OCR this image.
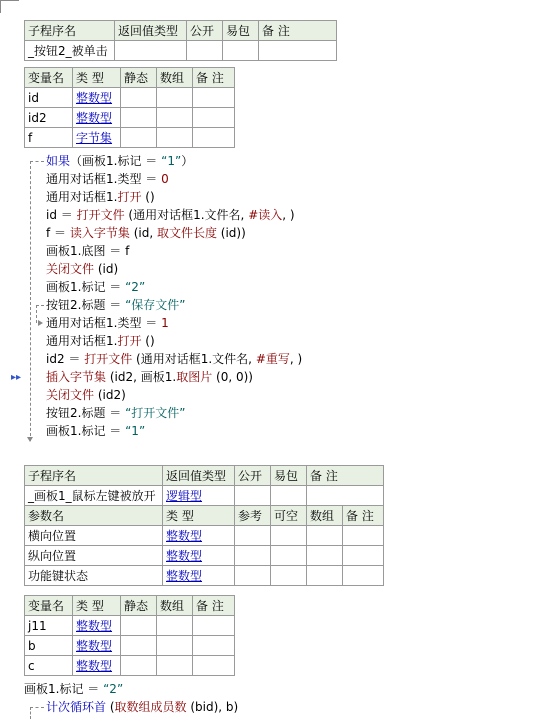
子程序名	返回值类型	公开	易包	备 注
_按钮2_被单击				
变量名	类 型	静态	数组	备 注
id	整数型			
id2	整数型			
f	字节集			
▸▸
如果（画板1.标记 ＝ “1”）
通用对话框1.类型 ＝ 0
通用对话框1.打开 ()
id ＝ 打开文件 (通用对话框1.文件名, #读入, )
f ＝ 读入字节集 (id, 取文件长度 (id))
画板1.底图 ＝ f
关闭文件 (id)
画板1.标记 ＝ “2”
按钮2.标题 ＝ “保存文件”
通用对话框1.类型 ＝ 1
通用对话框1.打开 ()
id2 ＝ 打开文件 (通用对话框1.文件名, #重写, )
插入字节集 (id2, 画板1.取图片 (0, 0))
关闭文件 (id2)
按钮2.标题 ＝ “打开文件”
画板1.标记 ＝ “1”
子程序名	返回值类型	公开	易包	备 注	
_画板1_鼠标左键被放开	逻辑型				
参数名	类 型	参考	可空	数组	备 注
横向位置	整数型				
纵向位置	整数型				
功能键状态	整数型				
变量名	类 型	静态	数组	备 注
j11	整数型			
b	整数型			
c	整数型			
画板1.标记 ＝ “2”
计次循环首 (取数组成员数 (bid), b)
